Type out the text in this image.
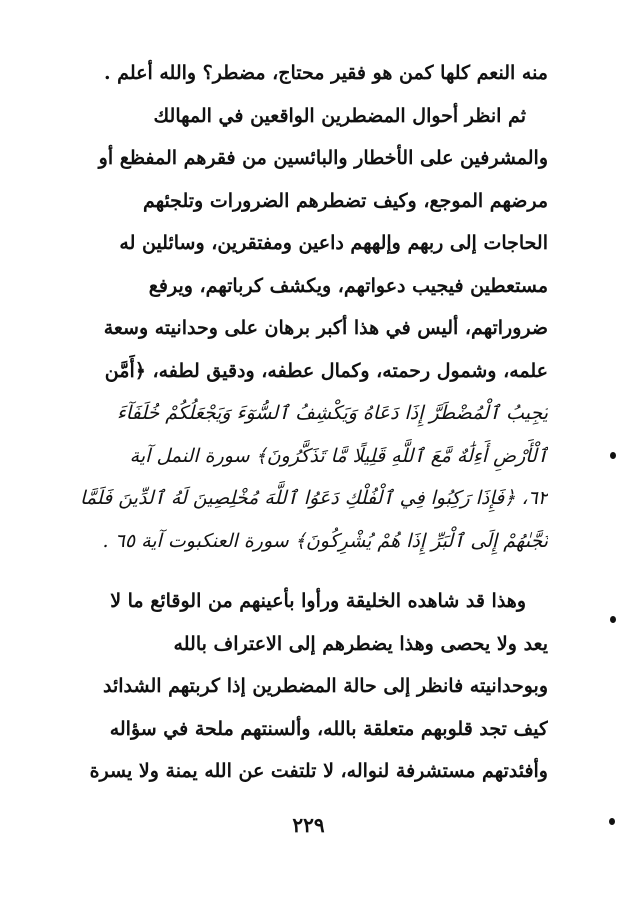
منه النعم كلها كمن هو فقير محتاج، مضطر؟ والله أعلم .
ثم انظر أحوال المضطرين الواقعين في المهالك
والمشرفين على الأخطار والبائسين من فقرهم المفظع أو
مرضهم الموجع، وكيف تضطرهم الضرورات وتلجئهم
الحاجات إلى ربهم وإلههم داعين ومفتقرين، وسائلين له
مستعطين فيجيب دعواتهم، ويكشف كرباتهم، ويرفع
ضروراتهم، أليس في هذا أكبر برهان على وحدانيته وسعة
علمه، وشمول رحمته، وكمال عطفه، ودقيق لطفه، ﴿أَمَّن
يُجِيبُ ٱلْمُضْطَرَّ إِذَا دَعَاهُ وَيَكْشِفُ ٱلسُّوٓءَ وَيَجْعَلُكُمْ خُلَفَآءَ
ٱلْأَرْضِ أَءِلَٰهٌ مَّعَ ٱللَّهِ قَلِيلًا مَّا تَذَكَّرُونَ﴾ سورة النمل آية
٦٢، ﴿فَإِذَا رَكِبُوا فِي ٱلْفُلْكِ دَعَوُا ٱللَّهَ مُخْلِصِينَ لَهُ ٱلدِّينَ فَلَمَّا
نَجَّىٰهُمْ إِلَى ٱلْبَرِّ إِذَا هُمْ يُشْرِكُونَ﴾ سورة العنكبوت آية ٦٥ .
وهذا قد شاهده الخليقة ورأوا بأعينهم من الوقائع ما لا
يعد ولا يحصى وهذا يضطرهم إلى الاعتراف بالله
وبوحدانيته فانظر إلى حالة المضطرين إذا كربتهم الشدائد
كيف تجد قلوبهم متعلقة بالله، وألسنتهم ملحة في سؤاله
وأفئدتهم مستشرفة لنواله، لا تلتفت عن الله يمنة ولا يسرة
٢٢٩
